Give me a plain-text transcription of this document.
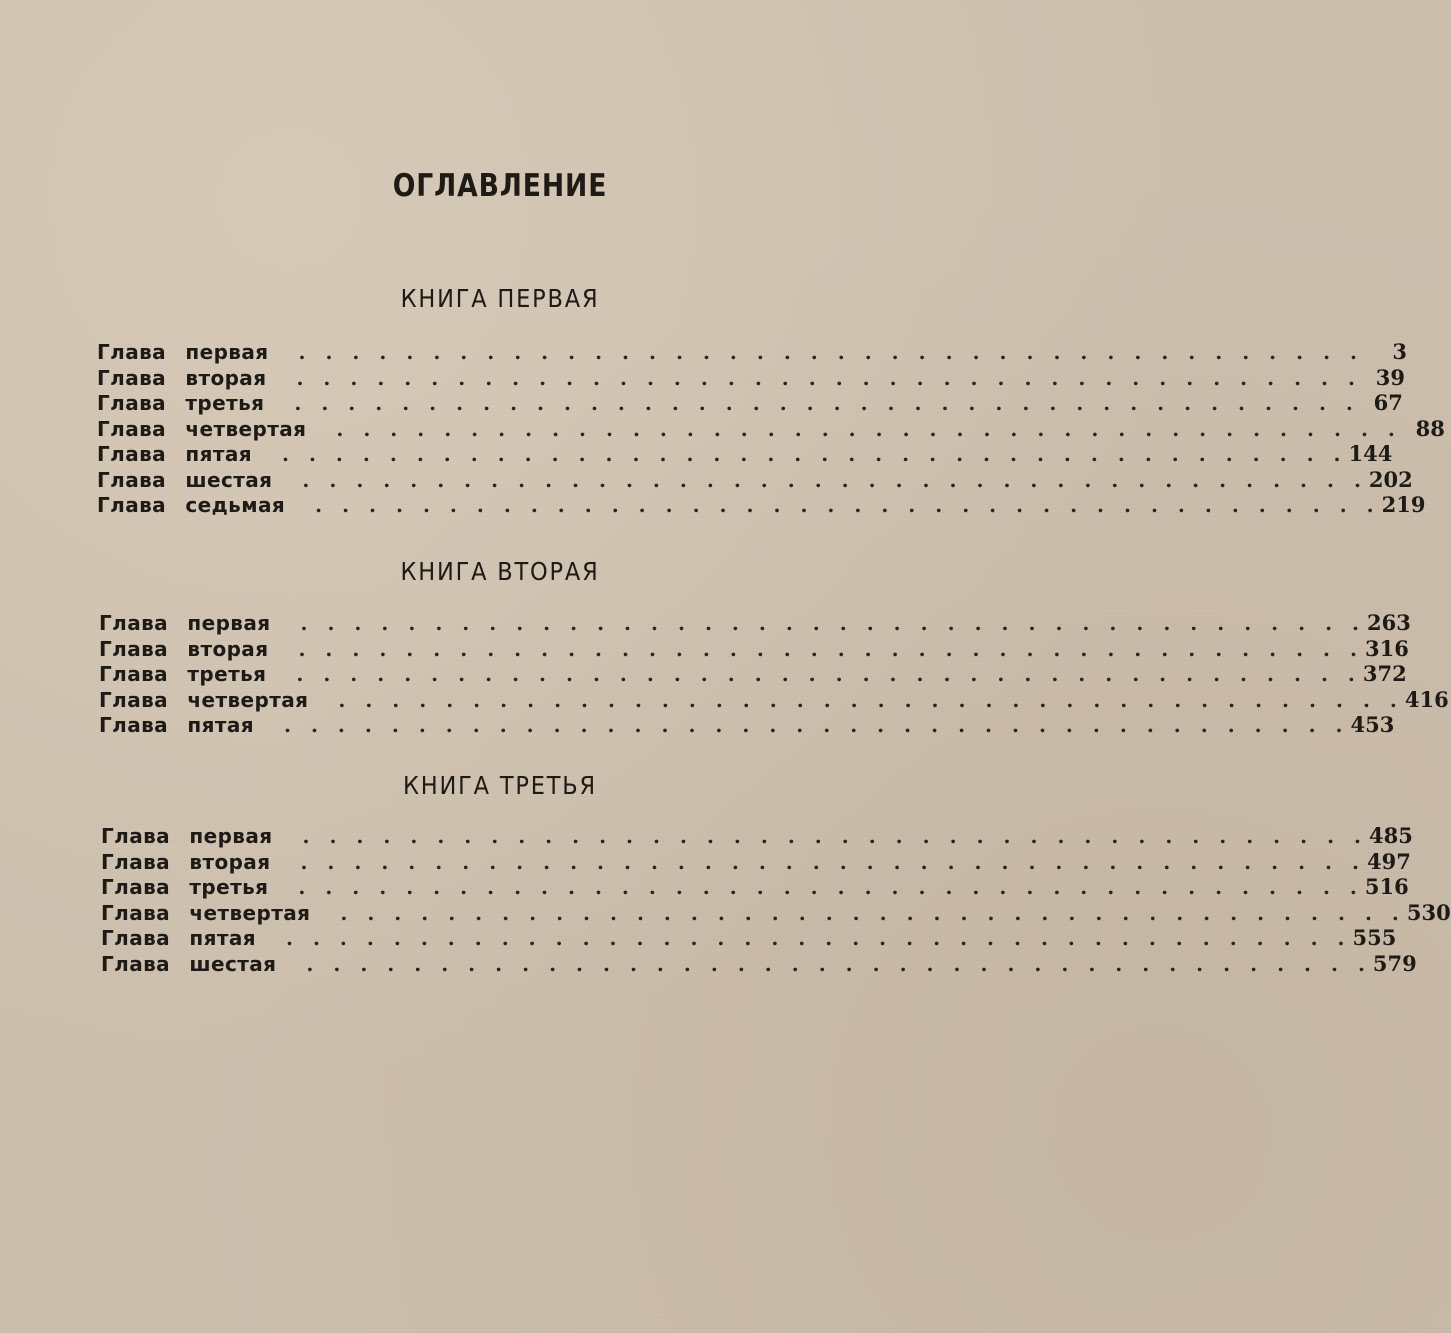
ОГЛАВЛЕНИЕ
КНИГА ПЕРВАЯ
Глава первая . . . . . . . . . . . . . . . . . . . . . . . . . . . . . . . . . . . . . . . . 	3
Глава вторая . . . . . . . . . . . . . . . . . . . . . . . . . . . . . . . . . . . . . . . .  39
Глава третья . . . . . . . . . . . . . . . . . . . . . . . . . . . . . . . . . . . . . . . .  67
Глава четвертая . . . . . . . . . . . . . . . . . . . . . . . . . . . . . . . . . . . . . . . .  88
Глава пятая . . . . . . . . . . . . . . . . . . . . . . . . . . . . . . . . . . . . . . . .  144
Глава шестая . . . . . . . . . . . . . . . . . . . . . . . . . . . . . . . . . . . . . . . .  202
Глава седьмая . . . . . . . . . . . . . . . . . . . . . . . . . . . . . . . . . . . . . . . .  219
КНИГА ВТОРАЯ
Глава первая . . . . . . . . . . . . . . . . . . . . . . . . . . . . . . . . . . . . . . . .  263
Глава вторая . . . . . . . . . . . . . . . . . . . . . . . . . . . . . . . . . . . . . . . .  316
Глава третья . . . . . . . . . . . . . . . . . . . . . . . . . . . . . . . . . . . . . . . .  372
Глава четвертая . . . . . . . . . . . . . . . . . . . . . . . . . . . . . . . . . . . . . . . .  416
Глава пятая . . . . . . . . . . . . . . . . . . . . . . . . . . . . . . . . . . . . . . . .  453
КНИГА ТРЕТЬЯ
Глава первая . . . . . . . . . . . . . . . . . . . . . . . . . . . . . . . . . . . . . . . .  485
Глава вторая . . . . . . . . . . . . . . . . . . . . . . . . . . . . . . . . . . . . . . . .  497
Глава третья . . . . . . . . . . . . . . . . . . . . . . . . . . . . . . . . . . . . . . . .  516
Глава четвертая . . . . . . . . . . . . . . . . . . . . . . . . . . . . . . . . . . . . . . . .  530
Глава пятая . . . . . . . . . . . . . . . . . . . . . . . . . . . . . . . . . . . . . . . .  555
Глава шестая . . . . . . . . . . . . . . . . . . . . . . . . . . . . . . . . . . . . . . . .  579
